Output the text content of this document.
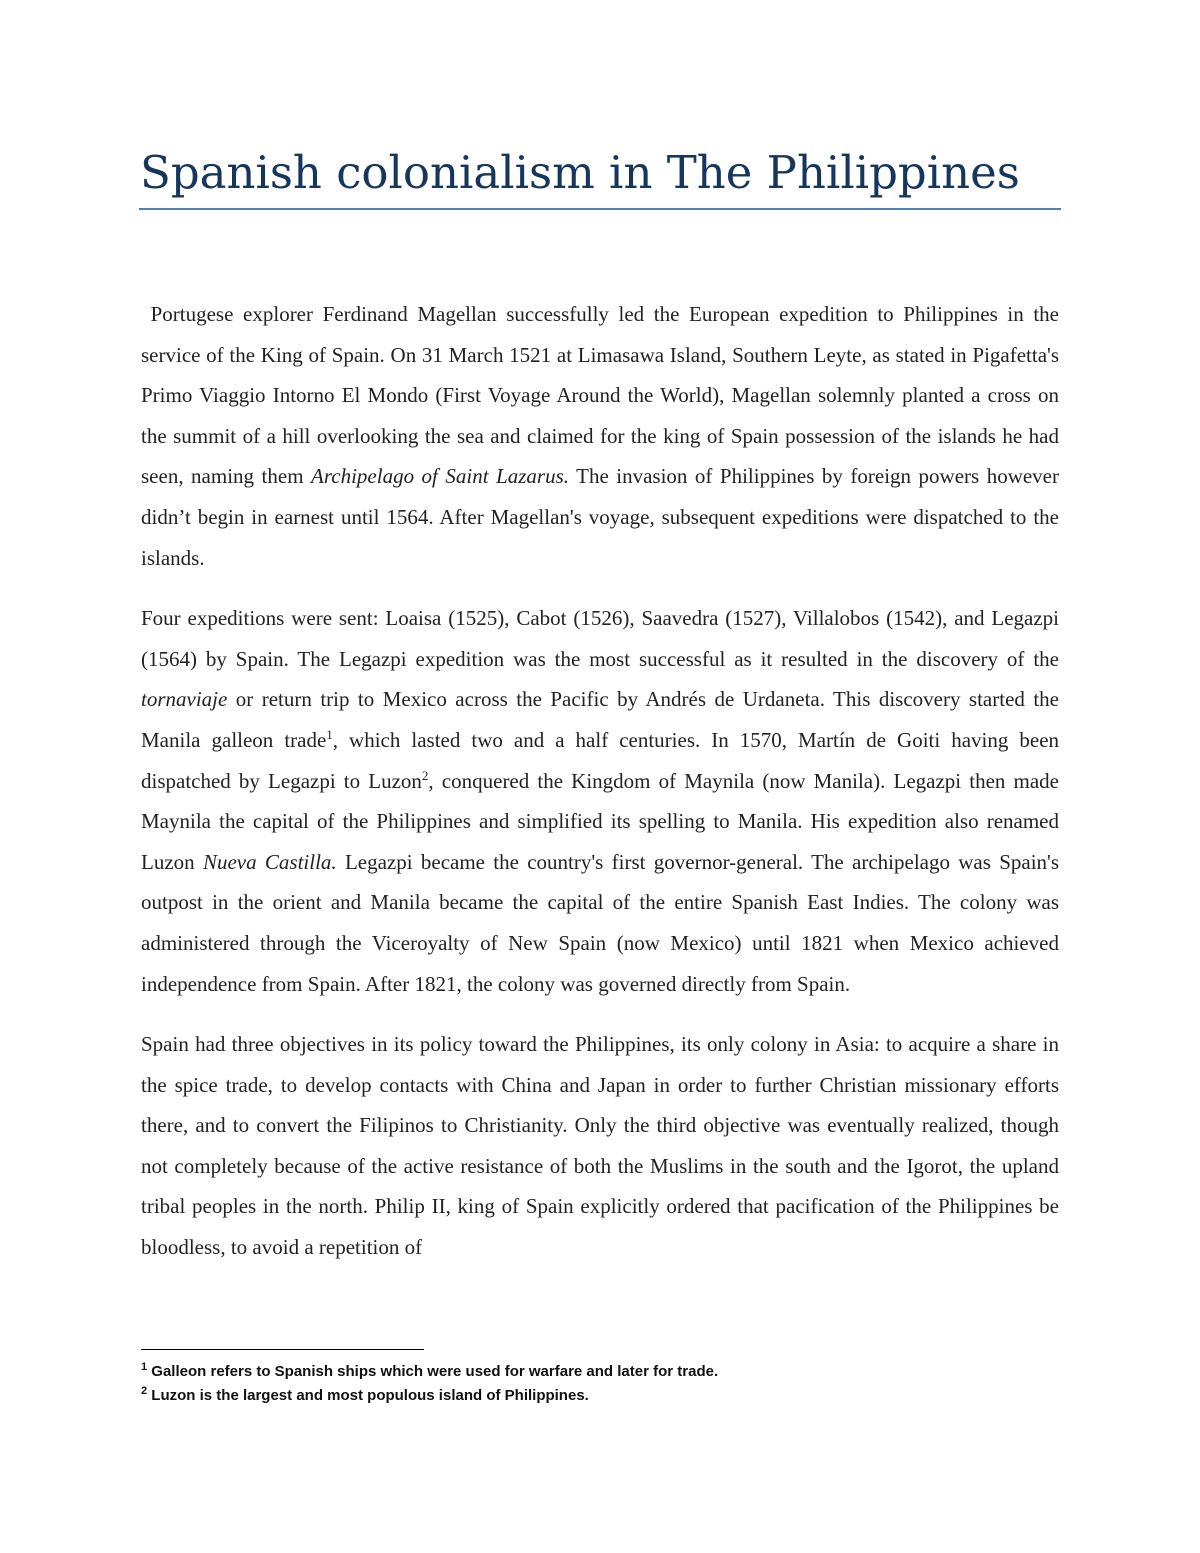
Spanish colonialism in The Philippines

Portugese explorer Ferdinand Magellan successfully led the European expedition to Philippines in the service of the King of Spain. On 31 March 1521 at Limasawa Island, Southern Leyte, as stated in Pigafetta's Primo Viaggio Intorno El Mondo (First Voyage Around the World), Magellan solemnly planted a cross on the summit of a hill overlooking the sea and claimed for the king of Spain possession of the islands he had seen, naming them Archipelago of Saint Lazarus. The invasion of Philippines by foreign powers however didn’t begin in earnest until 1564. After Magellan's voyage, subsequent expeditions were dispatched to the islands.

Four expeditions were sent: Loaisa (1525), Cabot (1526), Saavedra (1527), Villalobos (1542), and Legazpi (1564) by Spain. The Legazpi expedition was the most successful as it resulted in the discovery of the tornaviaje or return trip to Mexico across the Pacific by Andrés de Urdaneta. This discovery started the Manila galleon trade$^1$, which lasted two and a half centuries. In 1570, Martín de Goiti having been dispatched by Legazpi to Luzon$^2$, conquered the Kingdom of Maynila (now Manila). Legazpi then made Maynila the capital of the Philippines and simplified its spelling to Manila. His expedition also renamed Luzon Nueva Castilla. Legazpi became the country's first governor-general. The archipelago was Spain's outpost in the orient and Manila became the capital of the entire Spanish East Indies. The colony was administered through the Viceroyalty of New Spain (now Mexico) until 1821 when Mexico achieved independence from Spain. After 1821, the colony was governed directly from Spain.

Spain had three objectives in its policy toward the Philippines, its only colony in Asia: to acquire a share in the spice trade, to develop contacts with China and Japan in order to further Christian missionary efforts there, and to convert the Filipinos to Christianity. Only the third objective was eventually realized, though not completely because of the active resistance of both the Muslims in the south and the Igorot, the upland tribal peoples in the north. Philip II, king of Spain explicitly ordered that pacification of the Philippines be bloodless, to avoid a repetition of

$^1$ Galleon refers to Spanish ships which were used for warfare and later for trade.

$^2$ Luzon is the largest and most populous island of Philippines.
